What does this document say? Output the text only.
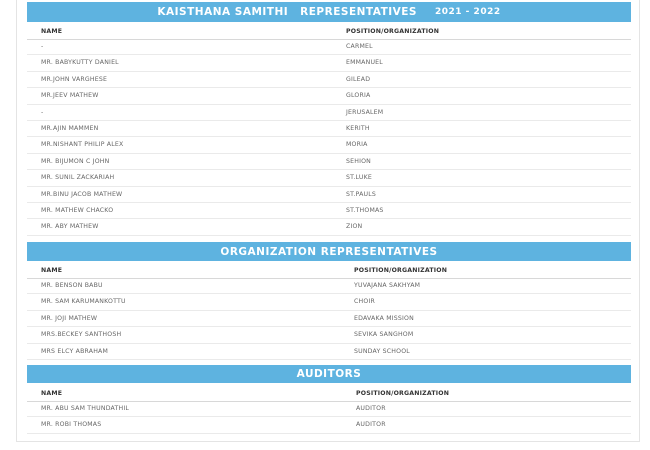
KAISTHANA SAMITHI REPRESENTATIVES 2021 - 2022
NAME	POSITION/ORGANIZATION
-	CARMEL
MR. BABYKUTTY DANIEL	EMMANUEL
MR.JOHN VARGHESE	GILEAD
MR.JEEV MATHEW	GLORIA
-	JERUSALEM
MR.AJIN MAMMEN	KERITH
MR.NISHANT PHILIP ALEX	MORIA
MR. BIJUMON C JOHN	SEHION
MR. SUNIL ZACKARIAH	ST.LUKE
MR.BINU JACOB MATHEW	ST.PAULS
MR. MATHEW CHACKO	ST.THOMAS
MR. ABY MATHEW	ZION
ORGANIZATION REPRESENTATIVES
NAME	POSITION/ORGANIZATION
MR. BENSON BABU	YUVAJANA SAKHYAM
MR. SAM KARUMANKOTTU	CHOIR
MR. JOJI MATHEW	EDAVAKA MISSION
MRS.BECKEY SANTHOSH	SEVIKA SANGHOM
MRS ELCY ABRAHAM	SUNDAY SCHOOL
AUDITORS
NAME	POSITION/ORGANIZATION
MR. ABU SAM THUNDATHIL	AUDITOR
MR. ROBI THOMAS	AUDITOR
